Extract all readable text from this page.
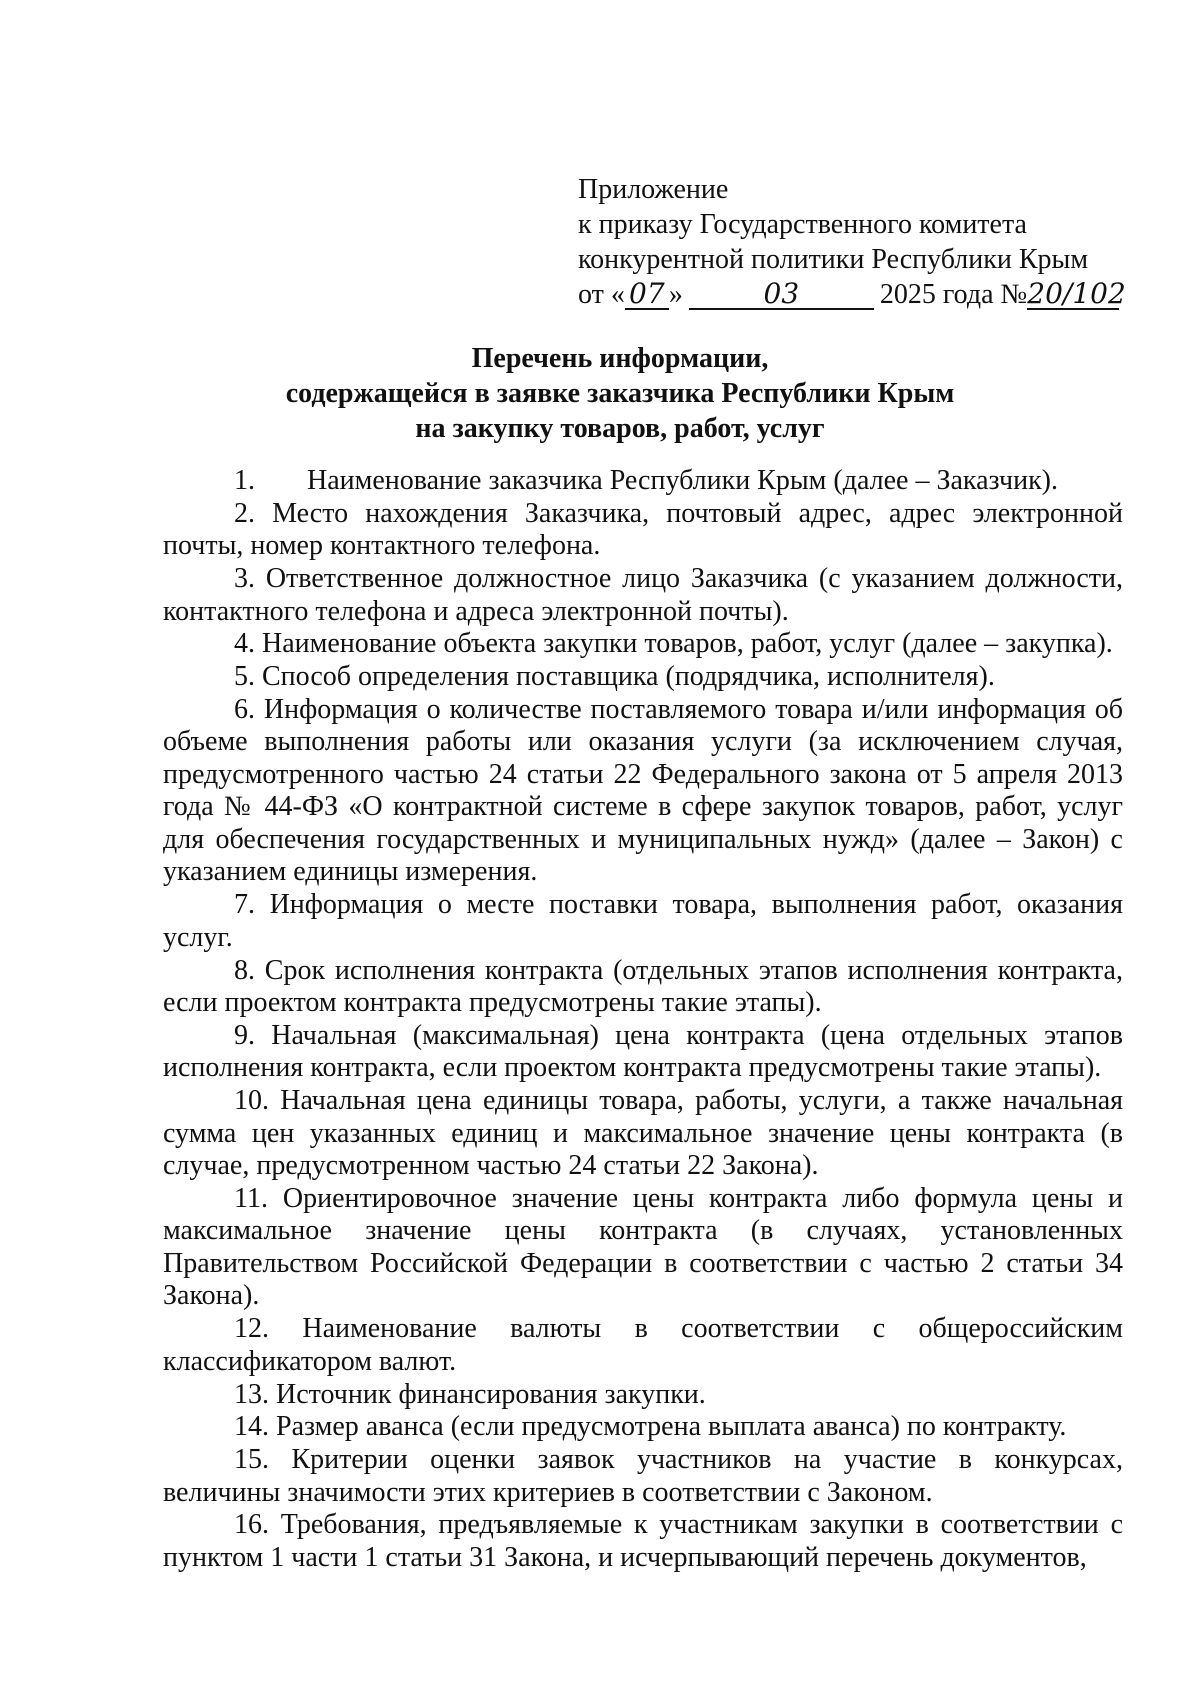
Приложение
к приказу Государственного комитета
конкурентной политики Республики Крым
от « 07 »	03	2025 года №20/102
Перечень информации,
содержащейся в заявке заказчика Республики Крым
на закупку товаров, работ, услуг

1. Наименование заказчика Республики Крым (далее – Заказчик).

2. Место нахождения Заказчика, почтовый адрес, адрес электронной почты, номер контактного телефона.

3. Ответственное должностное лицо Заказчика (с указанием должности, контактного телефона и адреса электронной почты).

4. Наименование объекта закупки товаров, работ, услуг (далее – закупка).

5. Способ определения поставщика (подрядчика, исполнителя).

6. Информация о количестве поставляемого товара и/или информация об объеме выполнения работы или оказания услуги (за исключением случая, предусмотренного частью 24 статьи 22 Федерального закона от 5 апреля 2013 года № 44-ФЗ «О контрактной системе в сфере закупок товаров, работ, услуг для обеспечения государственных и муниципальных нужд» (далее – Закон) с указанием единицы измерения.

7. Информация о месте поставки товара, выполнения работ, оказания услуг.

8. Срок исполнения контракта (отдельных этапов исполнения контракта, если проектом контракта предусмотрены такие этапы).

9. Начальная (максимальная) цена контракта (цена отдельных этапов исполнения контракта, если проектом контракта предусмотрены такие этапы).

10. Начальная цена единицы товара, работы, услуги, а также начальная сумма цен указанных единиц и максимальное значение цены контракта (в случае, предусмотренном частью 24 статьи 22 Закона).

11. Ориентировочное значение цены контракта либо формула цены и максимальное значение цены контракта (в случаях, установленных Правительством Российской Федерации в соответствии с частью 2 статьи 34 Закона).

12. Наименование валюты в соответствии с общероссийским классификатором валют.

13. Источник финансирования закупки.

14. Размер аванса (если предусмотрена выплата аванса) по контракту.

15. Критерии оценки заявок участников на участие в конкурсах, величины значимости этих критериев в соответствии с Законом.

16. Требования, предъявляемые к участникам закупки в соответствии с пунктом 1 части 1 статьи 31 Закона, и исчерпывающий перечень документов,
